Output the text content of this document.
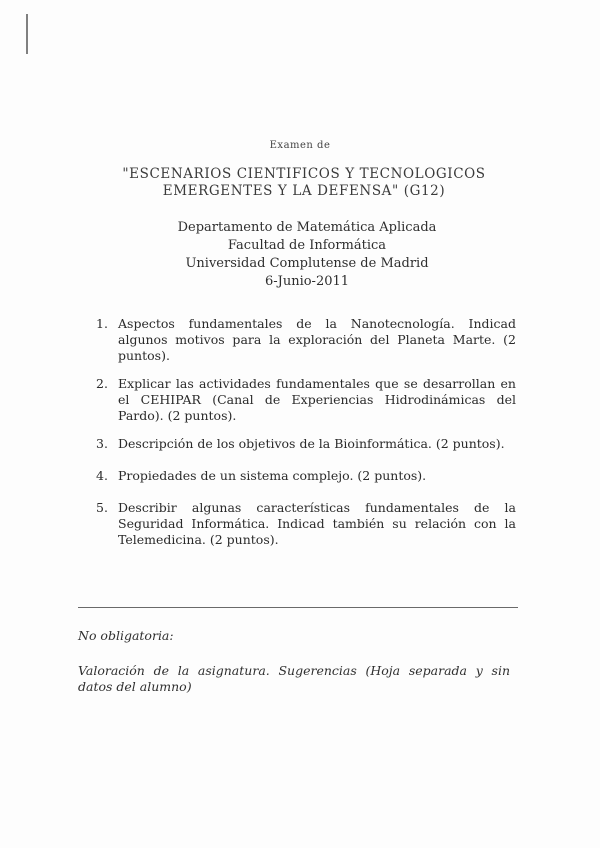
Examen de
"ESCENARIOS CIENTIFICOS Y TECNOLOGICOS
EMERGENTES Y LA DEFENSA" (G12)
Departamento de Matemática Aplicada
Facultad de Informática
Universidad Complutense de Madrid
6-Junio-2011
1. Aspectos fundamentales de la Nanotecnología. Indicad algunos motivos para la exploración del Planeta Marte. (2 puntos).
2. Explicar las actividades fundamentales que se desarrollan en el CEHIPAR (Canal de Experiencias Hidrodinámicas del Pardo). (2 puntos).
3. Descripción de los objetivos de la Bioinformática. (2 puntos).
4. Propiedades de un sistema complejo. (2 puntos).
5. Describir algunas características fundamentales de la Seguridad Informática. Indicad también su relación con la Telemedicina. (2 puntos).
No obligatoria:
Valoración de la asignatura. Sugerencias (Hoja separada y sin datos del alumno)
